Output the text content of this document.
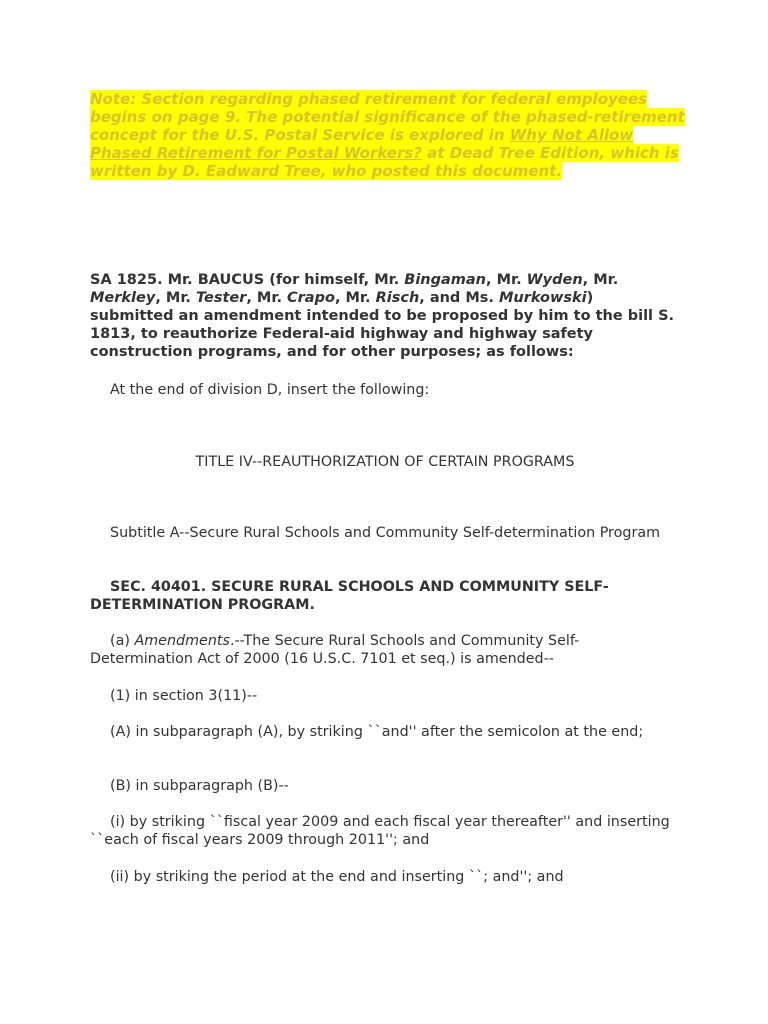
Note: Section regarding phased retirement for federal employees begins on page 9. The potential significance of the phased-retirement concept for the U.S. Postal Service is explored in Why Not Allow Phased Retirement for Postal Workers? at Dead Tree Edition, which is written by D. Eadward Tree, who posted this document.
SA 1825. Mr. BAUCUS (for himself, Mr. Bingaman, Mr. Wyden, Mr. Merkley, Mr. Tester, Mr. Crapo, Mr. Risch, and Ms. Murkowski) submitted an amendment intended to be proposed by him to the bill S. 1813, to reauthorize Federal-aid highway and highway safety construction programs, and for other purposes; as follows:
At the end of division D, insert the following:
TITLE IV--REAUTHORIZATION OF CERTAIN PROGRAMS
Subtitle A--Secure Rural Schools and Community Self-determination Program
SEC. 40401. SECURE RURAL SCHOOLS AND COMMUNITY SELF-DETERMINATION PROGRAM.
(a) Amendments.--The Secure Rural Schools and Community Self-Determination Act of 2000 (16 U.S.C. 7101 et seq.) is amended--
(1) in section 3(11)--
(A) in subparagraph (A), by striking ``and'' after the semicolon at the end;
(B) in subparagraph (B)--
(i) by striking ``fiscal year 2009 and each fiscal year thereafter'' and inserting ``each of fiscal years 2009 through 2011''; and
(ii) by striking the period at the end and inserting ``; and''; and
